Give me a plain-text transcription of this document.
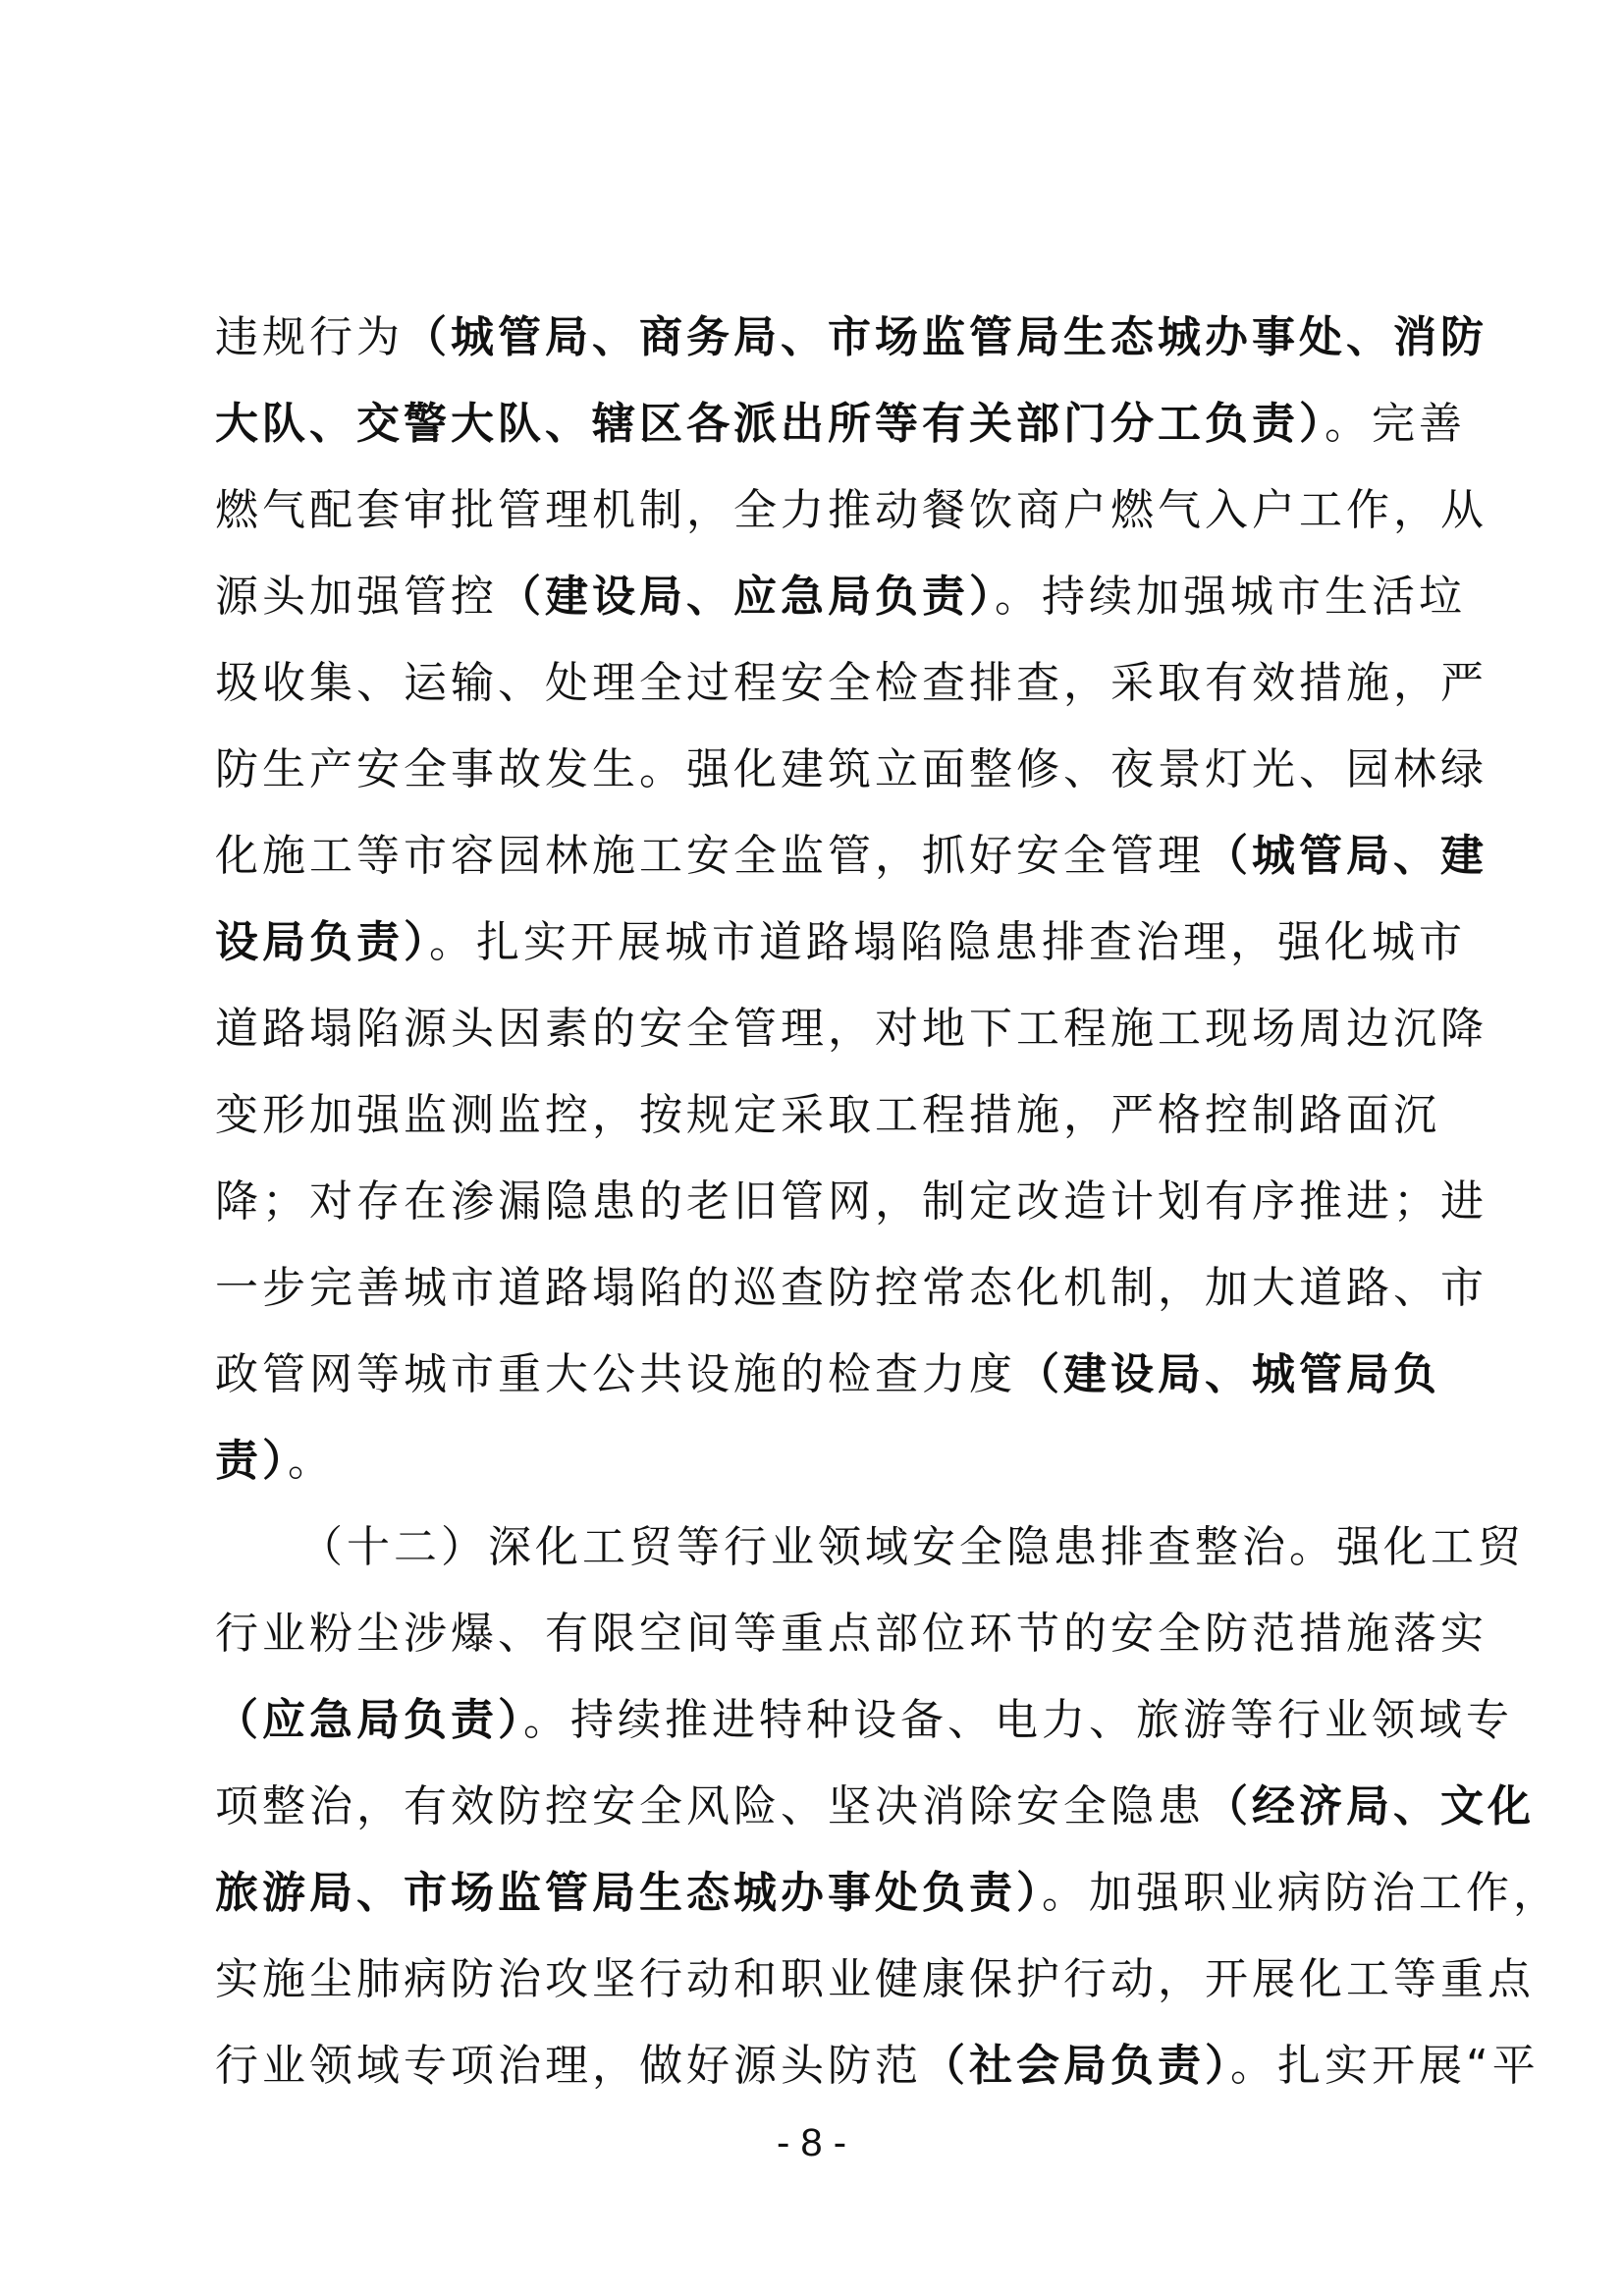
违规行为（城管局、商务局、市场监管局生态城办事处、消防
大队、交警大队、辖区各派出所等有关部门分工负责）。完善
燃气配套审批管理机制，全力推动餐饮商户燃气入户工作，从
源头加强管控（建设局、应急局负责）。持续加强城市生活垃
圾收集、运输、处理全过程安全检查排查，采取有效措施，严
防生产安全事故发生。强化建筑立面整修、夜景灯光、园林绿
化施工等市容园林施工安全监管，抓好安全管理（城管局、建
设局负责）。扎实开展城市道路塌陷隐患排查治理，强化城市
道路塌陷源头因素的安全管理，对地下工程施工现场周边沉降
变形加强监测监控，按规定采取工程措施，严格控制路面沉
降；对存在渗漏隐患的老旧管网，制定改造计划有序推进；进
一步完善城市道路塌陷的巡查防控常态化机制，加大道路、市
政管网等城市重大公共设施的检查力度（建设局、城管局负
责）。
（十二）深化工贸等行业领域安全隐患排查整治。强化工贸
行业粉尘涉爆、有限空间等重点部位环节的安全防范措施落实
（应急局负责）。持续推进特种设备、电力、旅游等行业领域专
项整治，有效防控安全风险、坚决消除安全隐患（经济局、文化
旅游局、市场监管局生态城办事处负责）。加强职业病防治工作，
实施尘肺病防治攻坚行动和职业健康保护行动，开展化工等重点
行业领域专项治理，做好源头防范（社会局负责）。扎实开展“平
- 8 -
